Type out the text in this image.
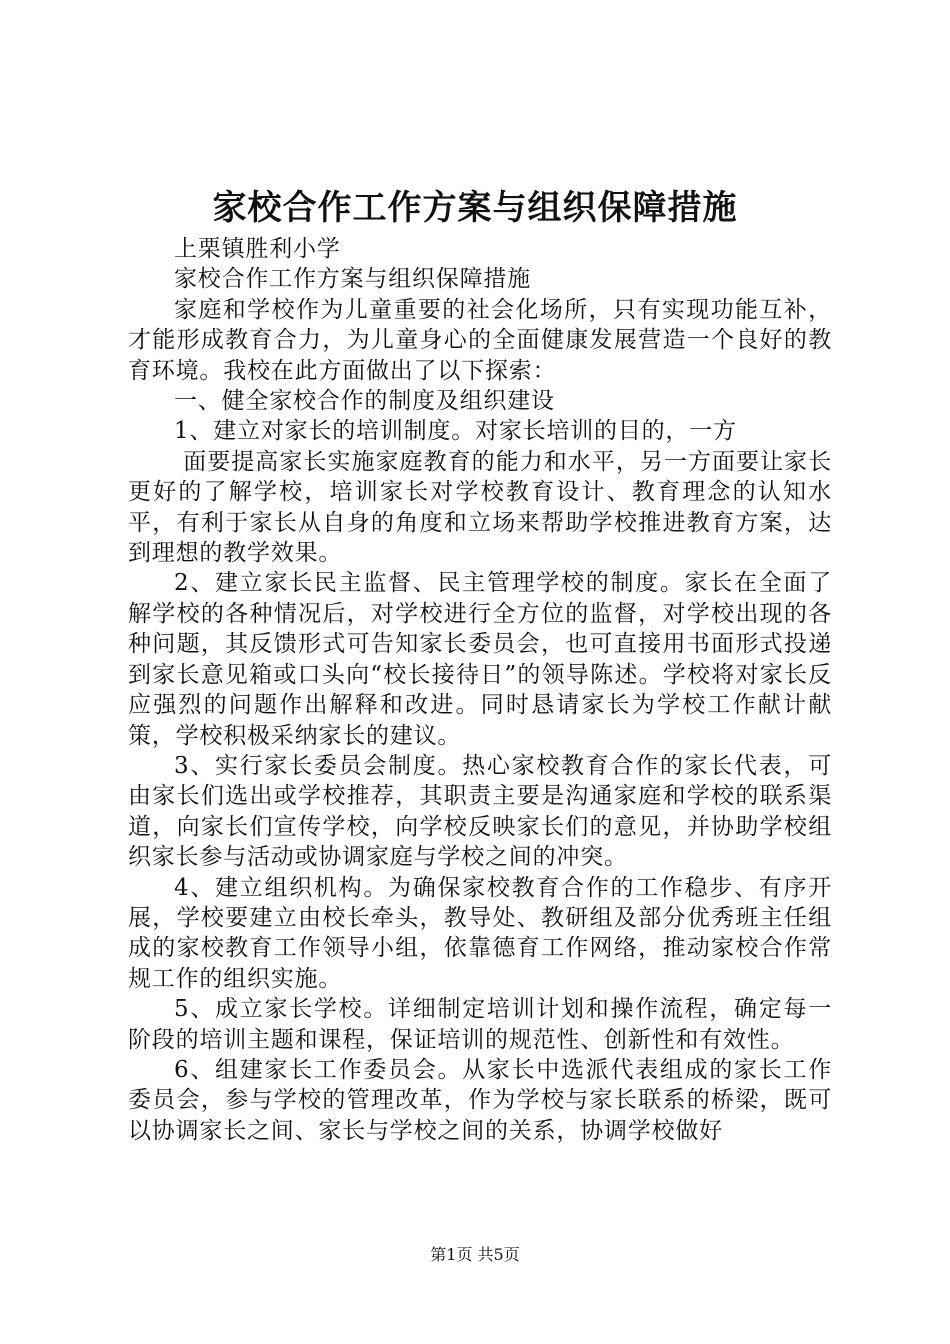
家校合作工作方案与组织保障措施

上栗镇胜利小学

家校合作工作方案与组织保障措施

家庭和学校作为儿童重要的社会化场所，只有实现功能互补，才能形成教育合力，为儿童身心的全面健康发展营造一个良好的教育环境。我校在此方面做出了以下探索：

一、健全家校合作的制度及组织建设

1、建立对家长的培训制度。对家长培训的目的，一方

面要提高家长实施家庭教育的能力和水平，另一方面要让家长更好的了解学校，培训家长对学校教育设计、教育理念的认知水平，有利于家长从自身的角度和立场来帮助学校推进教育方案，达到理想的教学效果。

2、建立家长民主监督、民主管理学校的制度。家长在全面了解学校的各种情况后，对学校进行全方位的监督，对学校出现的各种问题，其反馈形式可告知家长委员会，也可直接用书面形式投递到家长意见箱或口头向“校长接待日”的领导陈述。学校将对家长反应强烈的问题作出解释和改进。同时恳请家长为学校工作献计献策，学校积极采纳家长的建议。

3、实行家长委员会制度。热心家校教育合作的家长代表，可由家长们选出或学校推荐，其职责主要是沟通家庭和学校的联系渠道，向家长们宣传学校，向学校反映家长们的意见，并协助学校组织家长参与活动或协调家庭与学校之间的冲突。

4、建立组织机构。为确保家校教育合作的工作稳步、有序开展，学校要建立由校长牵头，教导处、教研组及部分优秀班主任组成的家校教育工作领导小组，依靠德育工作网络，推动家校合作常规工作的组织实施。

5、成立家长学校。详细制定培训计划和操作流程，确定每一阶段的培训主题和课程，保证培训的规范性、创新性和有效性。

6、组建家长工作委员会。从家长中选派代表组成的家长工作委员会，参与学校的管理改革，作为学校与家长联系的桥梁，既可以协调家长之间、家长与学校之间的关系，协调学校做好

第1页 共5页
